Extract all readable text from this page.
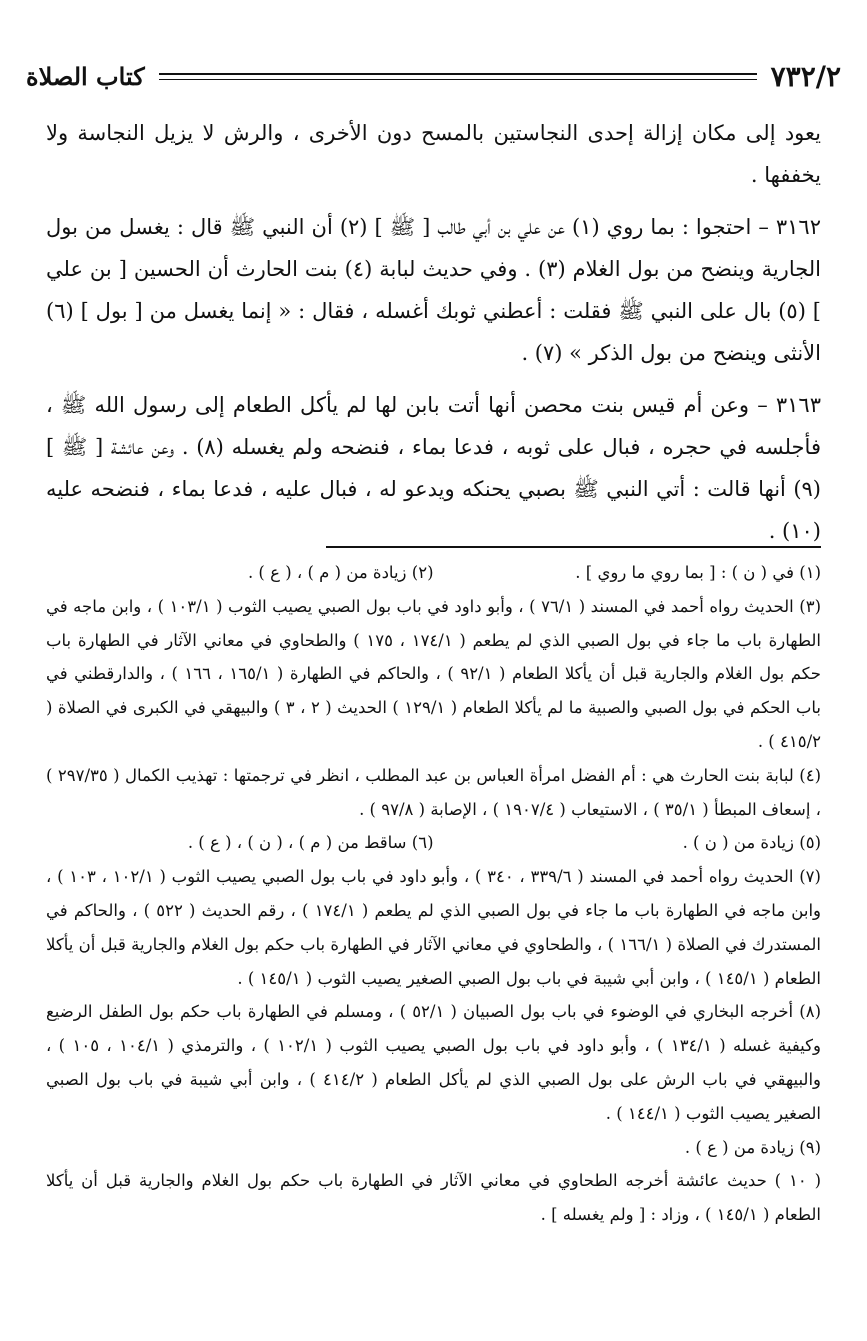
كتاب الصلاة	٧٣٢/٢

يعود إلى مكان إزالة إحدى النجاستين بالمسح دون الأخرى ، والرش لا يزيل النجاسة ولا يخففها .

٣١٦٢ – احتجوا : بما روي (١) عن علي بن أبي طالب [ ﷺ ] (٢) أن النبي ﷺ قال : يغسل من بول الجارية وينضح من بول الغلام (٣) . وفي حديث لبابة (٤) بنت الحارث أن الحسين [ بن علي ] (٥) بال على النبي ﷺ فقلت : أعطني ثوبك أغسله ، فقال : « إنما يغسل من [ بول ] (٦) الأنثى وينضح من بول الذكر » (٧) .

٣١٦٣ – وعن أم قيس بنت محصن أنها أتت بابن لها لم يأكل الطعام إلى رسول الله ﷺ ، فأجلسه في حجره ، فبال على ثوبه ، فدعا بماء ، فنضحه ولم يغسله (٨) . وعن عائشة [ ﷺ ] (٩) أنها قالت : أتي النبي ﷺ بصبي يحنكه ويدعو له ، فبال عليه ، فدعا بماء ، فنضحه عليه (١٠) .

(١) في ( ن ) : [ بما روي ما روي ] .
(٢) زيادة من ( م ) ، ( ع ) .

(٣) الحديث رواه أحمد في المسند ( ٧٦/١ ) ، وأبو داود في باب بول الصبي يصيب الثوب ( ١٠٣/١ ) ، وابن ماجه في الطهارة باب ما جاء في بول الصبي الذي لم يطعم ( ١٧٤/١ ، ١٧٥ ) والطحاوي في معاني الآثار في الطهارة باب حكم بول الغلام والجارية قبل أن يأكلا الطعام ( ٩٢/١ ) ، والحاكم في الطهارة ( ١٦٥/١ ، ١٦٦ ) ، والدارقطني في باب الحكم في بول الصبي والصبية ما لم يأكلا الطعام ( ١٢٩/١ ) الحديث ( ٢ ، ٣ ) والبيهقي في الكبرى في الصلاة ( ٤١٥/٢ ) .

(٤) لبابة بنت الحارث هي : أم الفضل امرأة العباس بن عبد المطلب ، انظر في ترجمتها : تهذيب الكمال ( ٢٩٧/٣٥ ) ، إسعاف المبطأ ( ٣٥/١ ) ، الاستيعاب ( ١٩٠٧/٤ ) ، الإصابة ( ٩٧/٨ ) .

(٥) زيادة من ( ن ) .
(٦) ساقط من ( م ) ، ( ن ) ، ( ع ) .

(٧) الحديث رواه أحمد في المسند ( ٣٣٩/٦ ، ٣٤٠ ) ، وأبو داود في باب بول الصبي يصيب الثوب ( ١٠٢/١ ، ١٠٣ ) ، وابن ماجه في الطهارة باب ما جاء في بول الصبي الذي لم يطعم ( ١٧٤/١ ) ، رقم الحديث ( ٥٢٢ ) ، والحاكم في المستدرك في الصلاة ( ١٦٦/١ ) ، والطحاوي في معاني الآثار في الطهارة باب حكم بول الغلام والجارية قبل أن يأكلا الطعام ( ١٤٥/١ ) ، وابن أبي شيبة في باب بول الصبي الصغير يصيب الثوب ( ١٤٥/١ ) .

(٨) أخرجه البخاري في الوضوء في باب بول الصبيان ( ٥٢/١ ) ، ومسلم في الطهارة باب حكم بول الطفل الرضيع وكيفية غسله ( ١٣٤/١ ) ، وأبو داود في باب بول الصبي يصيب الثوب ( ١٠٢/١ ) ، والترمذي ( ١٠٤/١ ، ١٠٥ ) ، والبيهقي في باب الرش على بول الصبي الذي لم يأكل الطعام ( ٤١٤/٢ ) ، وابن أبي شيبة في باب بول الصبي الصغير يصيب الثوب ( ١٤٤/١ ) .

(٩) زيادة من ( ع ) .

( ١٠ ) حديث عائشة أخرجه الطحاوي في معاني الآثار في الطهارة باب حكم بول الغلام والجارية قبل أن يأكلا الطعام ( ١٤٥/١ ) ، وزاد : [ ولم يغسله ] .
